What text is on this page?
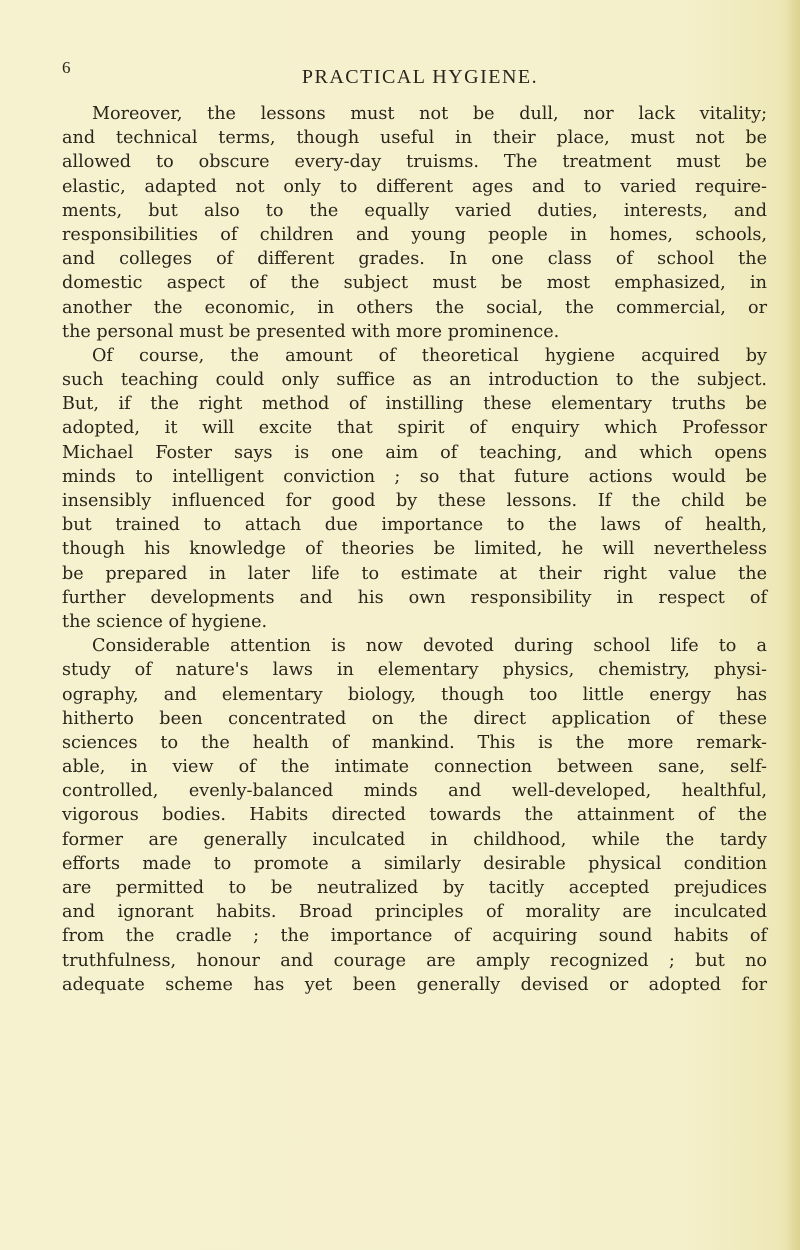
6	PRACTICAL HYGIENE.
Moreover, the lessons must not be dull, nor lack vitality;
and technical terms, though useful in their place, must not be
allowed to obscure every-day truisms. The treatment must be
elastic, adapted not only to different ages and to varied require-
ments, but also to the equally varied duties, interests, and
responsibilities of children and young people in homes, schools,
and colleges of different grades. In one class of school the
domestic aspect of the subject must be most emphasized, in
another the economic, in others the social, the commercial, or
the personal must be presented with more prominence.
Of course, the amount of theoretical hygiene acquired by
such teaching could only suffice as an introduction to the subject.
But, if the right method of instilling these elementary truths be
adopted, it will excite that spirit of enquiry which Professor
Michael Foster says is one aim of teaching, and which opens
minds to intelligent conviction ; so that future actions would be
insensibly influenced for good by these lessons. If the child be
but trained to attach due importance to the laws of health,
though his knowledge of theories be limited, he will nevertheless
be prepared in later life to estimate at their right value the
further developments and his own responsibility in respect of
the science of hygiene.
Considerable attention is now devoted during school life to a
study of nature's laws in elementary physics, chemistry, physi-
ography, and elementary biology, though too little energy has
hitherto been concentrated on the direct application of these
sciences to the health of mankind. This is the more remark-
able, in view of the intimate connection between sane, self-
controlled, evenly-balanced minds and well-developed, healthful,
vigorous bodies. Habits directed towards the attainment of the
former are generally inculcated in childhood, while the tardy
efforts made to promote a similarly desirable physical condition
are permitted to be neutralized by tacitly accepted prejudices
and ignorant habits. Broad principles of morality are inculcated
from the cradle ; the importance of acquiring sound habits of
truthfulness, honour and courage are amply recognized ; but no
adequate scheme has yet been generally devised or adopted for
